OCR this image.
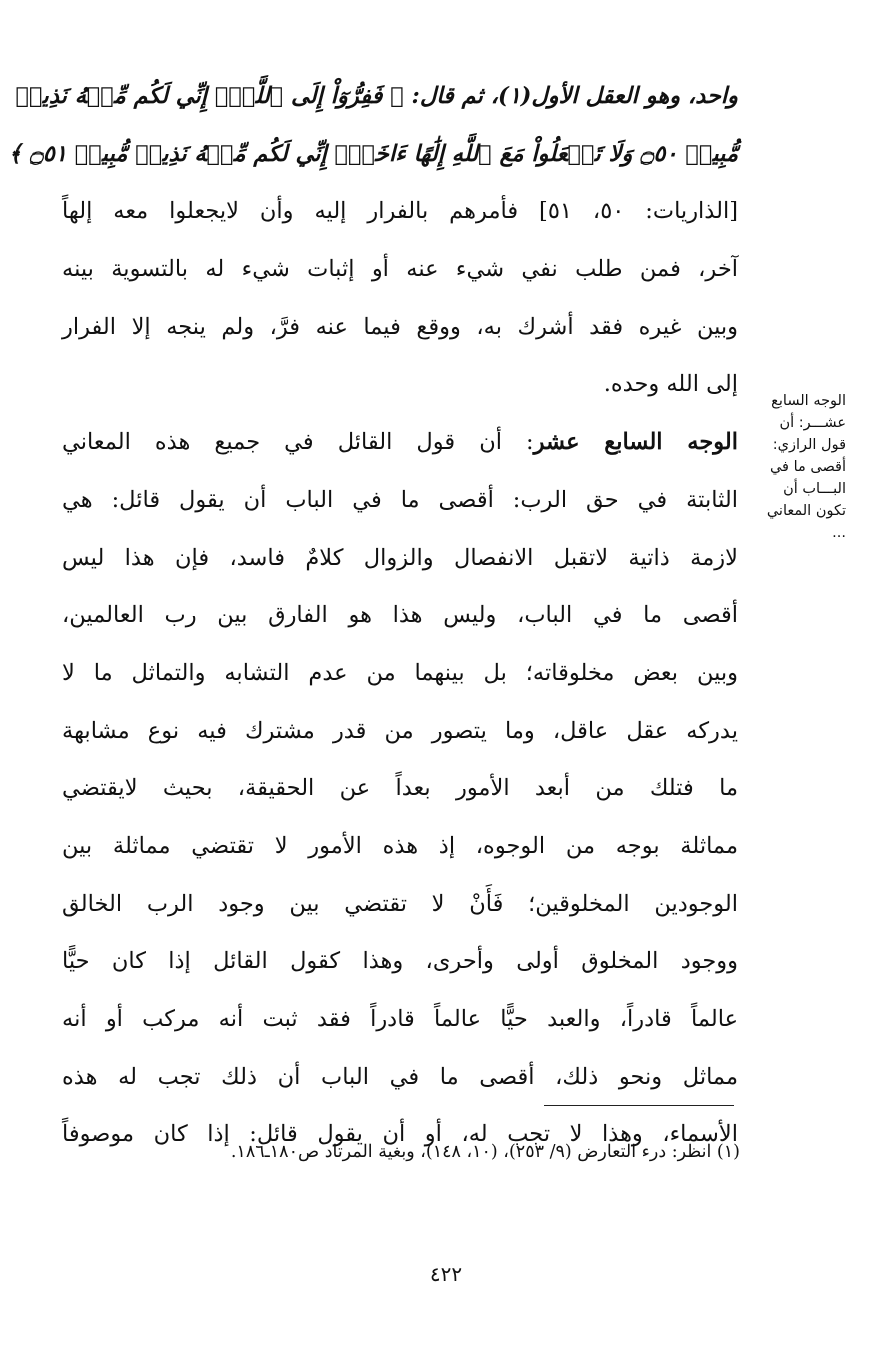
واحد، وهو العقل الأول(١)، ثم قال: ﴿ فَفِرُّوٓاْ إِلَى ٱللَّهِۖ إِنِّي لَكُم مِّنۡهُ نَذِيرٞ
مُّبِينٞ ۝٥٠ وَلَا تَجۡعَلُواْ مَعَ ٱللَّهِ إِلَٰهًا ءَاخَرَۖ إِنِّي لَكُم مِّنۡهُ نَذِيرٞ مُّبِينٞ ۝٥١ ﴾
[الذاريات: ٥٠، ٥١] فأمرهم بالفرار إليه وأن لايجعلوا معه إلهاً
آخر، فمن طلب نفي شيء عنه أو إثبات شيء له بالتسوية بينه
وبين غيره فقد أشرك به، ووقع فيما عنه فرَّ، ولم ينجه إلا الفرار
إلى الله وحده.
الوجه السابع عشر: أن قول القائل في جميع هذه المعاني
الثابتة في حق الرب: أقصى ما في الباب أن يقول قائل: هي
لازمة ذاتية لاتقبل الانفصال والزوال كلامٌ فاسد، فإن هذا ليس
أقصى ما في الباب، وليس هذا هو الفارق بين رب العالمين،
وبين بعض مخلوقاته؛ بل بينهما من عدم التشابه والتماثل ما لا
يدركه عقل عاقل، وما يتصور من قدر مشترك فيه نوع مشابهة
ما فتلك من أبعد الأمور بعداً عن الحقيقة، بحيث لايقتضي
مماثلة بوجه من الوجوه، إذ هذه الأمور لا تقتضي مماثلة بين
الوجودين المخلوقين؛ فَأَنْ لا تقتضي بين وجود الرب الخالق
ووجود المخلوق أولى وأحرى، وهذا كقول القائل إذا كان حيًّا
عالماً قادراً، والعبد حيًّا عالماً قادراً فقد ثبت أنه مركب أو أنه
مماثل ونحو ذلك، أقصى ما في الباب أن ذلك تجب له هذه
الأسماء، وهذا لا تجب له، أو أن يقول قائل: إذا كان موصوفاً
الوجه السابع
عشـــر: أن
قول الرازي:
أقصى ما في
البـــاب أن
تكون المعاني
...
(١) انظر: درء التعارض (٩/ ٢٥٣)، (١٠، ١٤٨)، وبغية المرتاد ص١٨٠ـ١٨٦.
٤٢٢
